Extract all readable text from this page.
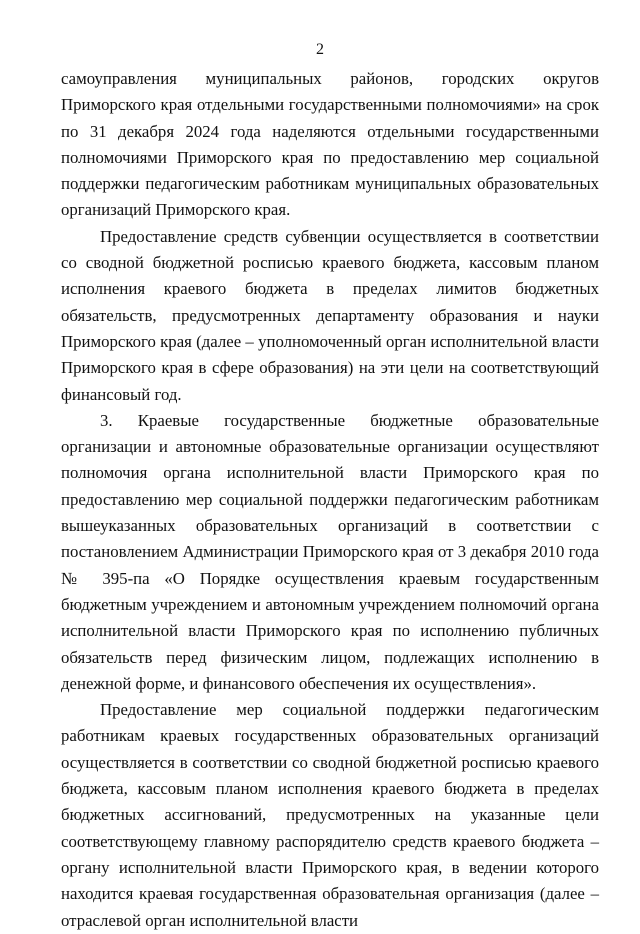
2

самоуправления муниципальных районов, городских округов Приморского края отдельными государственными полномочиями» на срок по 31 декабря 2024 года наделяются отдельными государственными полномочиями Приморского края по предоставлению мер социальной поддержки педагогическим работникам муниципальных образовательных организаций Приморского края.

Предоставление средств субвенции осуществляется в соответствии со сводной бюджетной росписью краевого бюджета, кассовым планом исполнения краевого бюджета в пределах лимитов бюджетных обязательств, предусмотренных департаменту образования и науки Приморского края (далее – уполномоченный орган исполнительной власти Приморского края в сфере образования) на эти цели на соответствующий финансовый год.

3. Краевые государственные бюджетные образовательные организации и автономные образовательные организации осуществляют полномочия органа исполнительной власти Приморского края по предоставлению мер социальной поддержки педагогическим работникам вышеуказанных образовательных организаций в соответствии с постановлением Администрации Приморского края от 3 декабря 2010 года № 395-па «О Порядке осуществления краевым государственным бюджетным учреждением и автономным учреждением полномочий органа исполнительной власти Приморского края по исполнению публичных обязательств перед физическим лицом, подлежащих исполнению в денежной форме, и финансового обеспечения их осуществления».

Предоставление мер социальной поддержки педагогическим работникам краевых государственных образовательных организаций осуществляется в соответствии со сводной бюджетной росписью краевого бюджета, кассовым планом исполнения краевого бюджета в пределах бюджетных ассигнований, предусмотренных на указанные цели соответствующему главному распорядителю средств краевого бюджета – органу исполнительной власти Приморского края, в ведении которого находится краевая государственная образовательная организация (далее – отраслевой орган исполнительной власти
